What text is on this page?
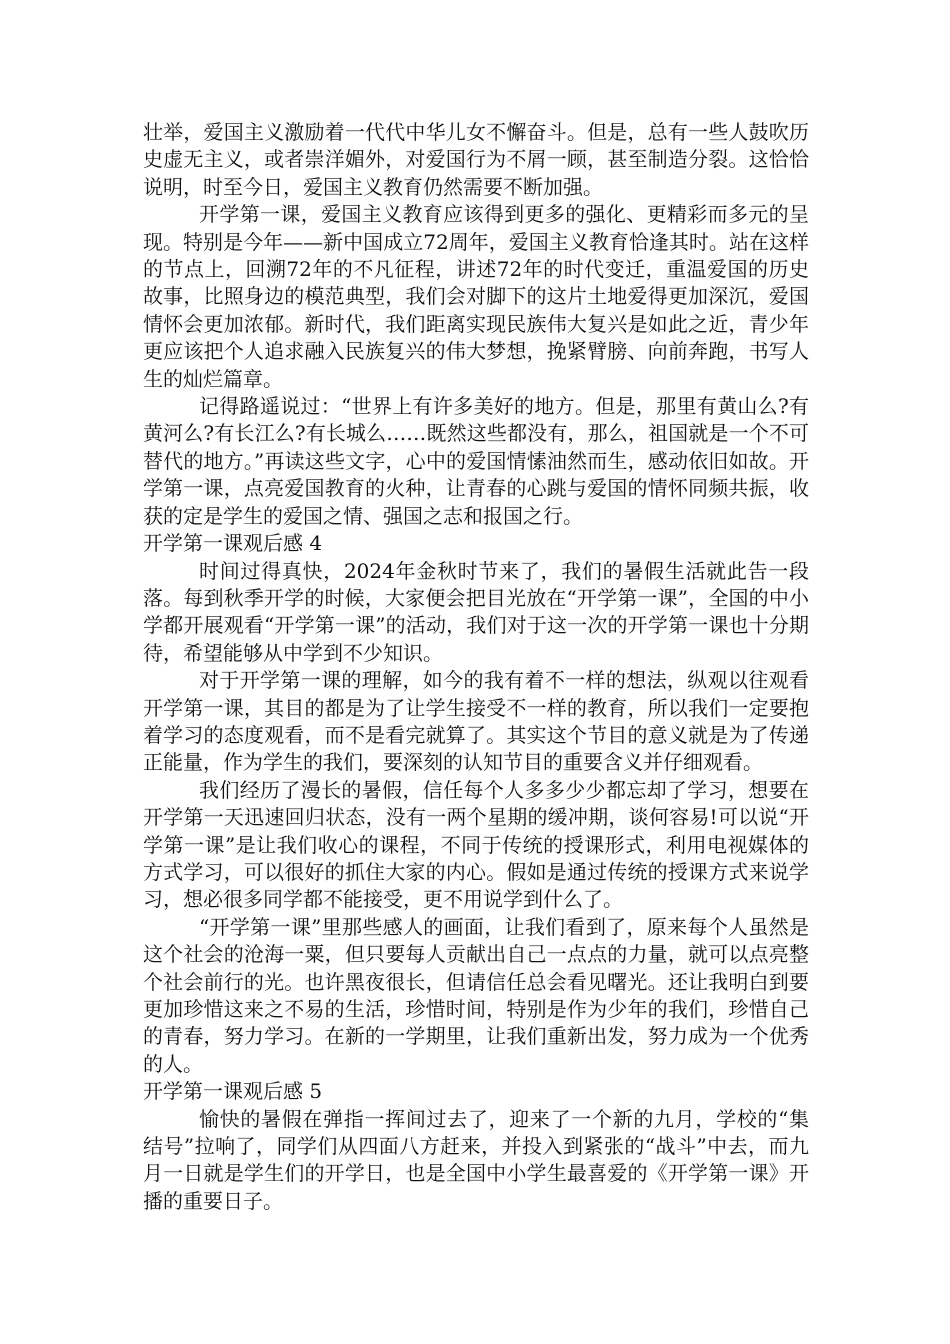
壮举，爱国主义激励着一代代中华儿女不懈奋斗。但是，总有一些人鼓吹历史虚无主义，或者崇洋媚外，对爱国行为不屑一顾，甚至制造分裂。这恰恰说明，时至今日，爱国主义教育仍然需要不断加强。

开学第一课，爱国主义教育应该得到更多的强化、更精彩而多元的呈现。特别是今年——新中国成立72周年，爱国主义教育恰逢其时。站在这样的节点上，回溯72年的不凡征程，讲述72年的时代变迁，重温爱国的历史故事，比照身边的模范典型，我们会对脚下的这片土地爱得更加深沉，爱国情怀会更加浓郁。新时代，我们距离实现民族伟大复兴是如此之近，青少年更应该把个人追求融入民族复兴的伟大梦想，挽紧臂膀、向前奔跑，书写人生的灿烂篇章。

记得路遥说过：“世界上有许多美好的地方。但是，那里有黄山么?有黄河么?有长江么?有长城么……既然这些都没有，那么，祖国就是一个不可替代的地方。”再读这些文字，心中的爱国情愫油然而生，感动依旧如故。开学第一课，点亮爱国教育的火种，让青春的心跳与爱国的情怀同频共振，收获的定是学生的爱国之情、强国之志和报国之行。

开学第一课观后感 4

时间过得真快，2024年金秋时节来了，我们的暑假生活就此告一段落。每到秋季开学的时候，大家便会把目光放在“开学第一课”，全国的中小学都开展观看“开学第一课”的活动，我们对于这一次的开学第一课也十分期待，希望能够从中学到不少知识。

对于开学第一课的理解，如今的我有着不一样的想法，纵观以往观看开学第一课，其目的都是为了让学生接受不一样的教育，所以我们一定要抱着学习的态度观看，而不是看完就算了。其实这个节目的意义就是为了传递正能量，作为学生的我们，要深刻的认知节目的重要含义并仔细观看。

我们经历了漫长的暑假，信任每个人多多少少都忘却了学习，想要在开学第一天迅速回归状态，没有一两个星期的缓冲期，谈何容易!可以说“开学第一课”是让我们收心的课程，不同于传统的授课形式，利用电视媒体的方式学习，可以很好的抓住大家的内心。假如是通过传统的授课方式来说学习，想必很多同学都不能接受，更不用说学到什么了。

“开学第一课”里那些感人的画面，让我们看到了，原来每个人虽然是这个社会的沧海一粟，但只要每人贡献出自己一点点的力量，就可以点亮整个社会前行的光。也许黑夜很长，但请信任总会看见曙光。还让我明白到要更加珍惜这来之不易的生活，珍惜时间，特别是作为少年的我们，珍惜自己的青春，努力学习。在新的一学期里，让我们重新出发，努力成为一个优秀的人。

开学第一课观后感 5

愉快的暑假在弹指一挥间过去了，迎来了一个新的九月，学校的“集结号”拉响了，同学们从四面八方赶来，并投入到紧张的“战斗”中去，而九月一日就是学生们的开学日，也是全国中小学生最喜爱的《开学第一课》开播的重要日子。
